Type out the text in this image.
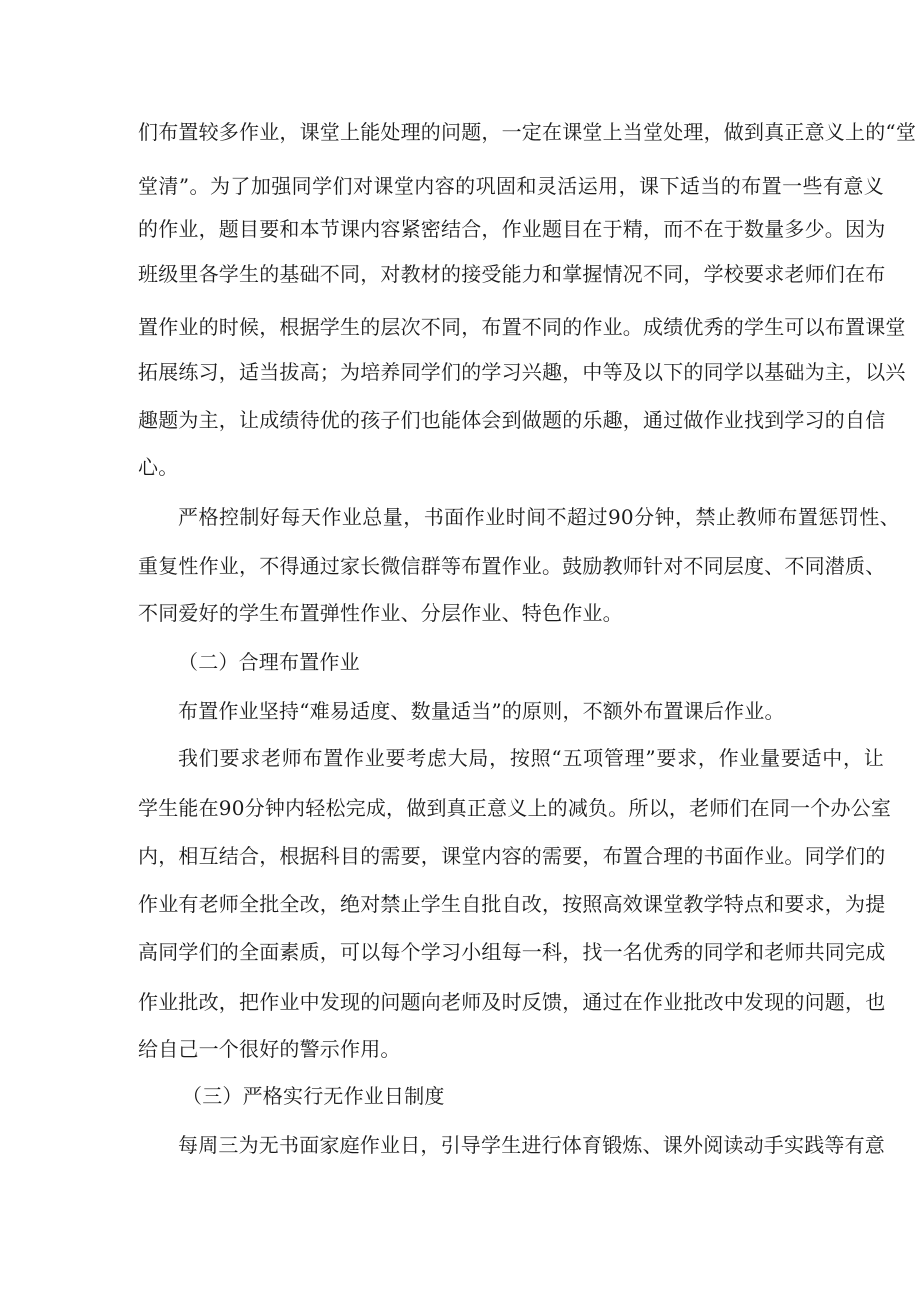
们布置较多作业，课堂上能处理的问题，一定在课堂上当堂处理，做到真正意义上的“堂
堂清”。为了加强同学们对课堂内容的巩固和灵活运用，课下适当的布置一些有意义
的作业，题目要和本节课内容紧密结合，作业题目在于精，而不在于数量多少。因为
班级里各学生的基础不同，对教材的接受能力和掌握情况不同，学校要求老师们在布
置作业的时候，根据学生的层次不同，布置不同的作业。成绩优秀的学生可以布置课堂
拓展练习，适当拔高；为培养同学们的学习兴趣，中等及以下的同学以基础为主，以兴
趣题为主，让成绩待优的孩子们也能体会到做题的乐趣，通过做作业找到学习的自信
心。
严格控制好每天作业总量，书面作业时间不超过90分钟，禁止教师布置惩罚性、
重复性作业，不得通过家长微信群等布置作业。鼓励教师针对不同层度、不同潜质、
不同爱好的学生布置弹性作业、分层作业、特色作业。
（二）合理布置作业
布置作业坚持“难易适度、数量适当”的原则，不额外布置课后作业。
我们要求老师布置作业要考虑大局，按照“五项管理”要求，作业量要适中，让
学生能在90分钟内轻松完成，做到真正意义上的减负。所以，老师们在同一个办公室
内，相互结合，根据科目的需要，课堂内容的需要，布置合理的书面作业。同学们的
作业有老师全批全改，绝对禁止学生自批自改，按照高效课堂教学特点和要求，为提
高同学们的全面素质，可以每个学习小组每一科，找一名优秀的同学和老师共同完成
作业批改，把作业中发现的问题向老师及时反馈，通过在作业批改中发现的问题，也
给自己一个很好的警示作用。
（三）严格实行无作业日制度
每周三为无书面家庭作业日，引导学生进行体育锻炼、课外阅读动手实践等有意
